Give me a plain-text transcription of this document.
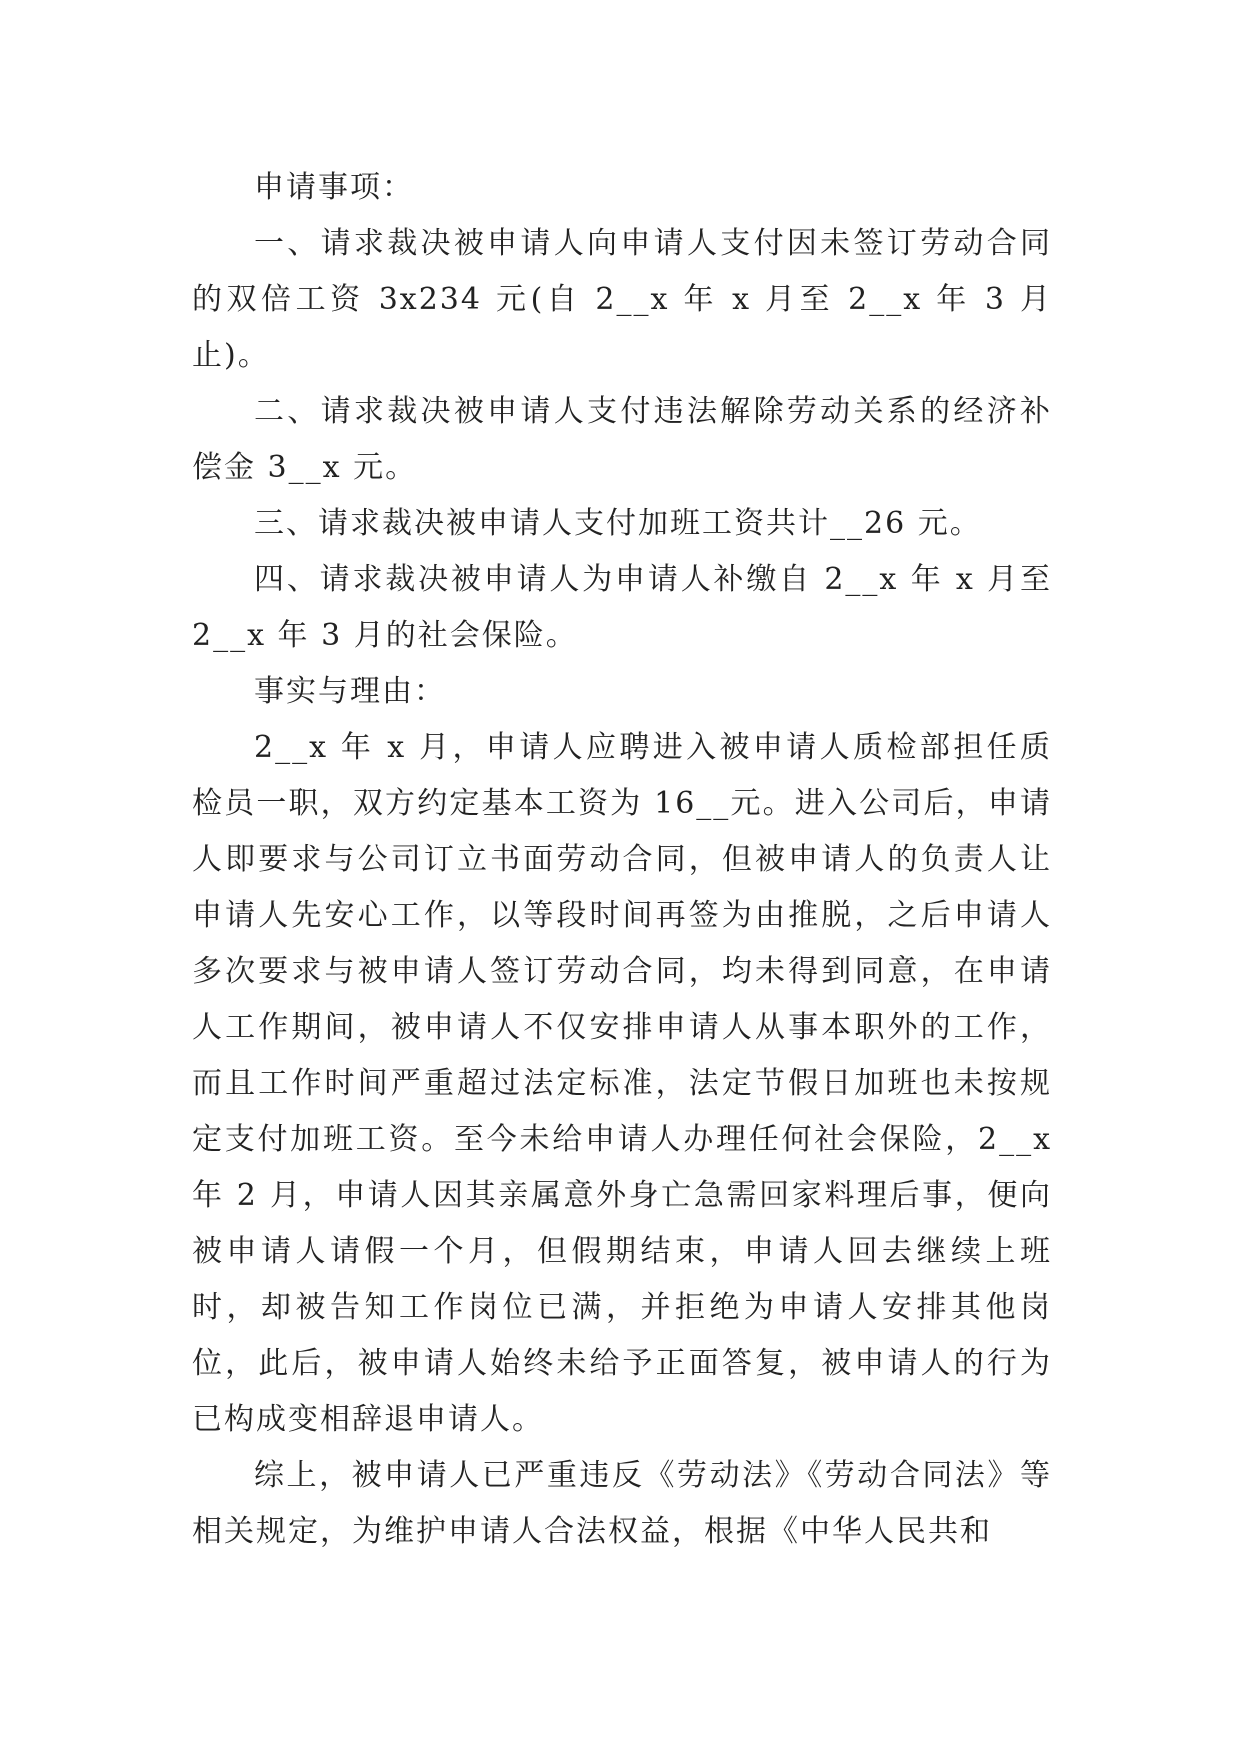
申请事项：

一、请求裁决被申请人向申请人支付因未签订劳动合同的双倍工资 3x234 元(自 2__x 年 x 月至 2__x 年 3 月止)。

二、请求裁决被申请人支付违法解除劳动关系的经济补偿金 3__x 元。

三、请求裁决被申请人支付加班工资共计__26 元。

四、请求裁决被申请人为申请人补缴自 2__x 年 x 月至 2__x 年 3 月的社会保险。

事实与理由：

2__x 年 x 月，申请人应聘进入被申请人质检部担任质检员一职，双方约定基本工资为 16__元。进入公司后，申请人即要求与公司订立书面劳动合同，但被申请人的负责人让申请人先安心工作，以等段时间再签为由推脱，之后申请人多次要求与被申请人签订劳动合同，均未得到同意，在申请人工作期间，被申请人不仅安排申请人从事本职外的工作，而且工作时间严重超过法定标准，法定节假日加班也未按规定支付加班工资。至今未给申请人办理任何社会保险，2__x 年 2 月，申请人因其亲属意外身亡急需回家料理后事，便向被申请人请假一个月，但假期结束，申请人回去继续上班时，却被告知工作岗位已满，并拒绝为申请人安排其他岗位，此后，被申请人始终未给予正面答复，被申请人的行为已构成变相辞退申请人。

综上，被申请人已严重违反《劳动法》《劳动合同法》等相关规定，为维护申请人合法权益，根据《中华人民共和
